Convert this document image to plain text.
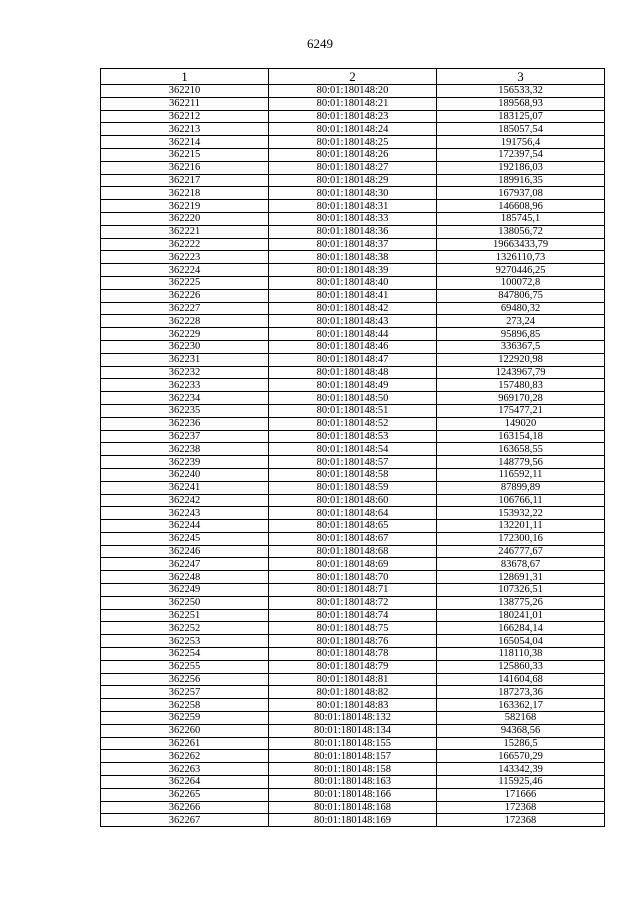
6249
1	2	3
362210	80:01:180148:20	156533,32
362211	80:01:180148:21	189568,93
362212	80:01:180148:23	183125,07
362213	80:01:180148:24	185057,54
362214	80:01:180148:25	191756,4
362215	80:01:180148:26	172397,54
362216	80:01:180148:27	192186,03
362217	80:01:180148:29	189916,35
362218	80:01:180148:30	167937,08
362219	80:01:180148:31	146608,96
362220	80:01:180148:33	185745,1
362221	80:01:180148:36	138056,72
362222	80:01:180148:37	19663433,79
362223	80:01:180148:38	1326110,73
362224	80:01:180148:39	9270446,25
362225	80:01:180148:40	100072,8
362226	80:01:180148:41	847806,75
362227	80:01:180148:42	69480,32
362228	80:01:180148:43	273,24
362229	80:01:180148:44	95896,85
362230	80:01:180148:46	336367,5
362231	80:01:180148:47	122920,98
362232	80:01:180148:48	1243967,79
362233	80:01:180148:49	157480,83
362234	80:01:180148:50	969170,28
362235	80:01:180148:51	175477,21
362236	80:01:180148:52	149020
362237	80:01:180148:53	163154,18
362238	80:01:180148:54	163658,55
362239	80:01:180148:57	148779,56
362240	80:01:180148:58	116592,11
362241	80:01:180148:59	87899,89
362242	80:01:180148:60	106766,11
362243	80:01:180148:64	153932,22
362244	80:01:180148:65	132201,11
362245	80:01:180148:67	172300,16
362246	80:01:180148:68	246777,67
362247	80:01:180148:69	83678,67
362248	80:01:180148:70	128691,31
362249	80:01:180148:71	107326,51
362250	80:01:180148:72	138775,26
362251	80:01:180148:74	180241,01
362252	80:01:180148:75	166284,14
362253	80:01:180148:76	165054,04
362254	80:01:180148:78	118110,38
362255	80:01:180148:79	125860,33
362256	80:01:180148:81	141604,68
362257	80:01:180148:82	187273,36
362258	80:01:180148:83	163362,17
362259	80:01:180148:132	582168
362260	80:01:180148:134	94368,56
362261	80:01:180148:155	15286,5
362262	80:01:180148:157	166570,29
362263	80:01:180148:158	143342,39
362264	80:01:180148:163	115925,46
362265	80:01:180148:166	171666
362266	80:01:180148:168	172368
362267	80:01:180148:169	172368
